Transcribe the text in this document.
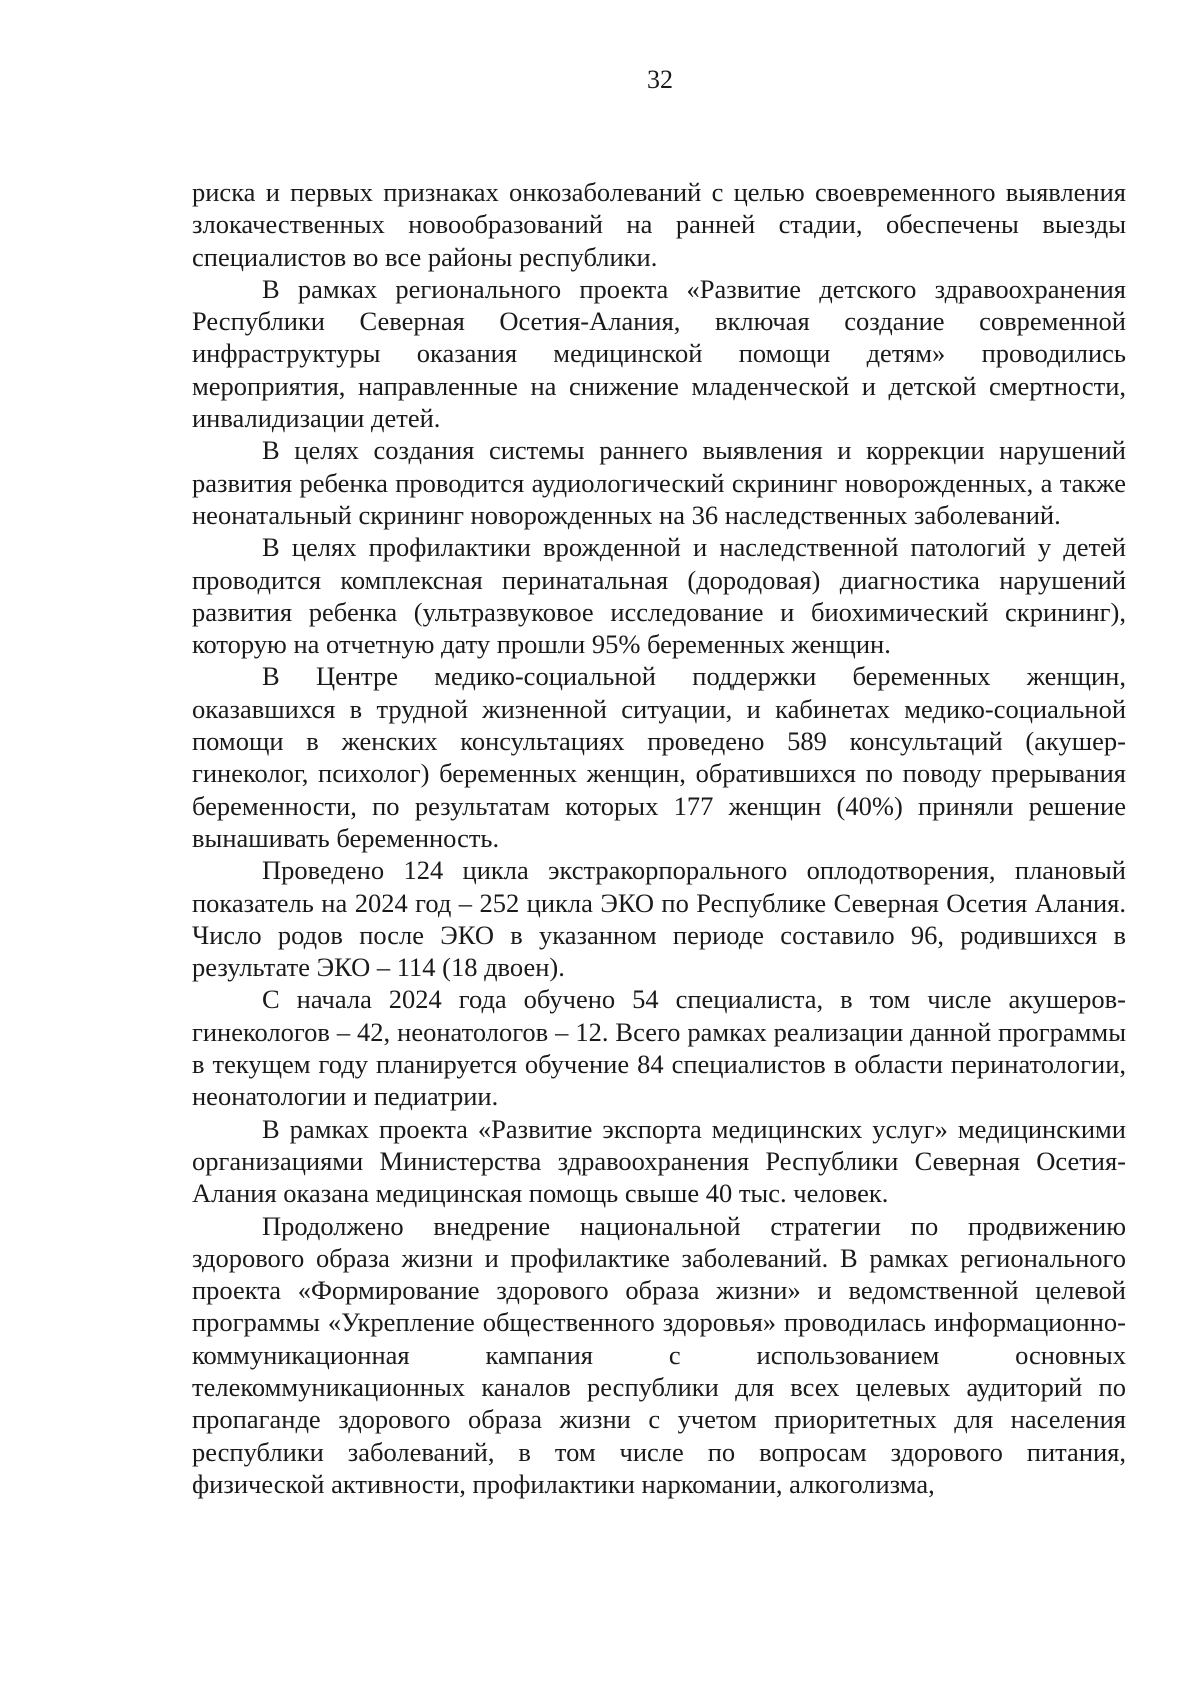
32

риска и первых признаках онкозаболеваний с целью своевременного выявления злокачественных новообразований на ранней стадии, обеспечены выезды специалистов во все районы республики.

В рамках регионального проекта «Развитие детского здравоохранения Республики Северная Осетия-Алания, включая создание современной инфраструктуры оказания медицинской помощи детям» проводились мероприятия, направленные на снижение младенческой и детской смертности, инвалидизации детей.

В целях создания системы раннего выявления и коррекции нарушений развития ребенка проводится аудиологический скрининг новорожденных, а также неонатальный скрининг новорожденных на 36 наследственных заболеваний.

В целях профилактики врожденной и наследственной патологий у детей проводится комплексная перинатальная (дородовая) диагностика нарушений развития ребенка (ультразвуковое исследование и биохимический скрининг), которую на отчетную дату прошли 95% беременных женщин.

В Центре медико-социальной поддержки беременных женщин, оказавшихся в трудной жизненной ситуации, и кабинетах медико-социальной помощи в женских консультациях проведено 589 консультаций (акушер-гинеколог, психолог) беременных женщин, обратившихся по поводу прерывания беременности, по результатам которых 177 женщин (40%) приняли решение вынашивать беременность.

Проведено 124 цикла экстракорпорального оплодотворения, плановый показатель на 2024 год – 252 цикла ЭКО по Республике Северная Осетия Алания. Число родов после ЭКО в указанном периоде составило 96, родившихся в результате ЭКО – 114 (18 двоен).

С начала 2024 года обучено 54 специалиста, в том числе акушеров-гинекологов – 42, неонатологов – 12. Всего рамках реализации данной программы в текущем году планируется обучение 84 специалистов в области перинатологии, неонатологии и педиатрии.

В рамках проекта «Развитие экспорта медицинских услуг» медицинскими организациями Министерства здравоохранения Республики Северная Осетия-Алания оказана медицинская помощь свыше 40 тыс. человек.

Продолжено внедрение национальной стратегии по продвижению здорового образа жизни и профилактике заболеваний. В рамках регионального проекта «Формирование здорового образа жизни» и ведомственной целевой программы «Укрепление общественного здоровья» проводилась информационно-коммуникационная кампания с использованием основных телекоммуникационных каналов республики для всех целевых аудиторий по пропаганде здорового образа жизни с учетом приоритетных для населения республики заболеваний, в том числе по вопросам здорового питания, физической активности, профилактики наркомании, алкоголизма,
